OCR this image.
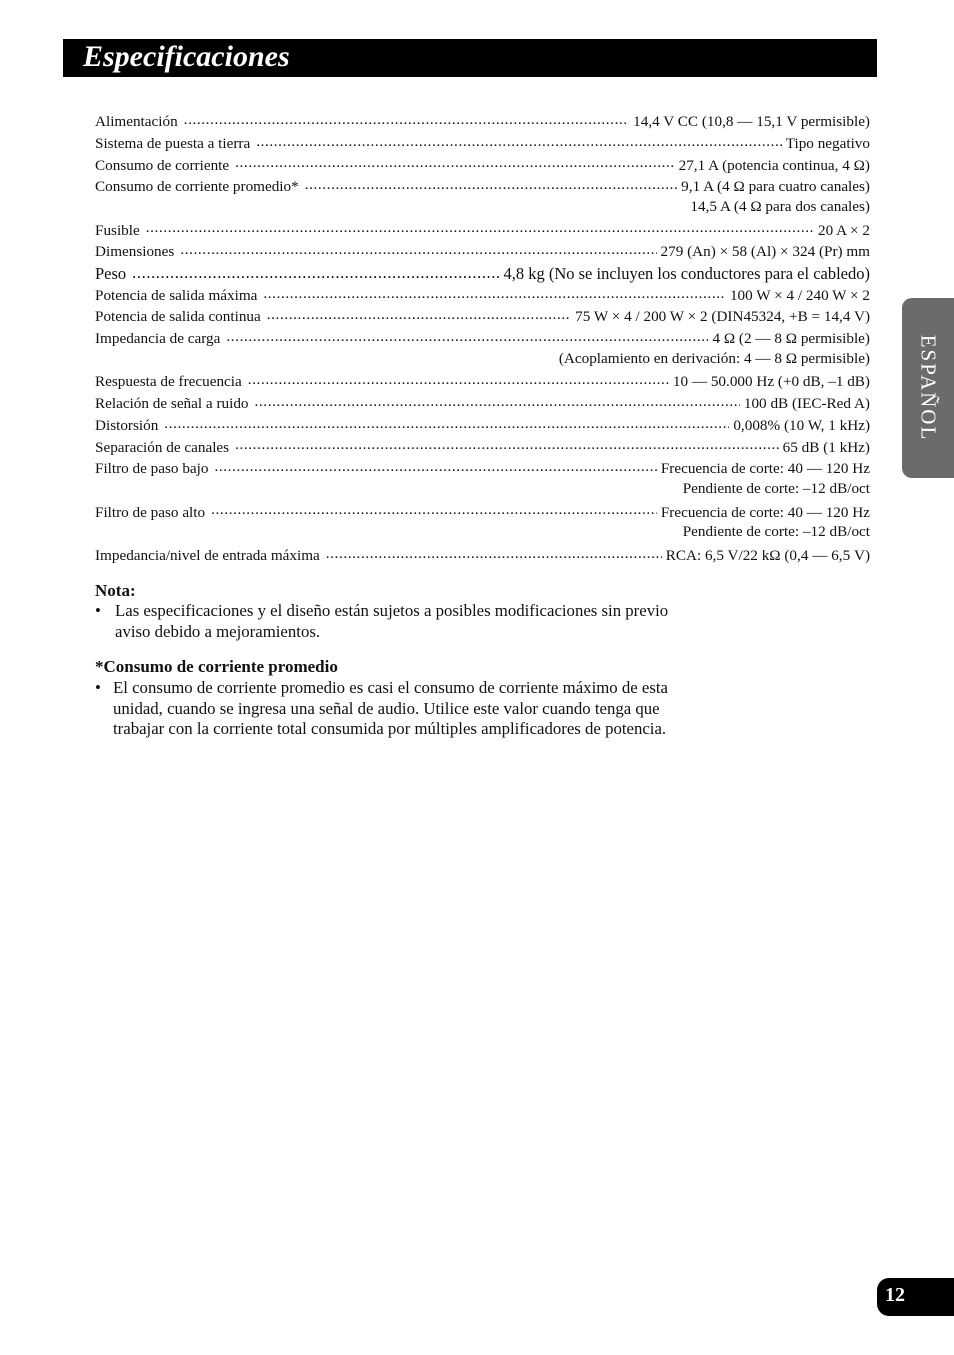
Especificaciones
Alimentación .....	14,4 V CC (10,8 — 15,1 V permisible)
Sistema de puesta a tierra .....	Tipo negativo
Consumo de corriente .....	27,1 A (potencia continua, 4 Ω)
Consumo de corriente promedio* .....	9,1 A (4 Ω para cuatro canales)
14,5 A (4 Ω para dos canales)
Fusible .....	20 A × 2
Dimensiones .....	279 (An) × 58 (Al) × 324 (Pr) mm
Peso .....	4,8 kg (No se incluyen los conductores para el cabledo)
Potencia de salida máxima .....	100 W × 4 / 240 W × 2
Potencia de salida continua .....	75 W × 4 / 200 W × 2 (DIN45324, +B = 14,4 V)
Impedancia de carga .....	4 Ω (2 — 8 Ω permisible)
(Acoplamiento en derivación: 4 — 8 Ω permisible)
Respuesta de frecuencia .....	10 — 50.000 Hz (+0 dB, –1 dB)
Relación de señal a ruido .....	100 dB (IEC-Red A)
Distorsión .....	0,008% (10 W, 1 kHz)
Separación de canales .....	65 dB (1 kHz)
Filtro de paso bajo .....	Frecuencia de corte: 40 — 120 Hz
Pendiente de corte: –12 dB/oct
Filtro de paso alto .....	Frecuencia de corte: 40 — 120 Hz
Pendiente de corte: –12 dB/oct
Impedancia/nivel de entrada máxima .....	RCA: 6,5 V/22 kΩ (0,4 — 6,5 V)
Nota:
• Las especificaciones y el diseño están sujetos a posibles modificaciones sin previo
aviso debido a mejoramientos.
*Consumo de corriente promedio
• El consumo de corriente promedio es casi el consumo de corriente máximo de esta
unidad, cuando se ingresa una señal de audio. Utilice este valor cuando tenga que
trabajar con la corriente total consumida por múltiples amplificadores de potencia.
ESPAÑOL
12
